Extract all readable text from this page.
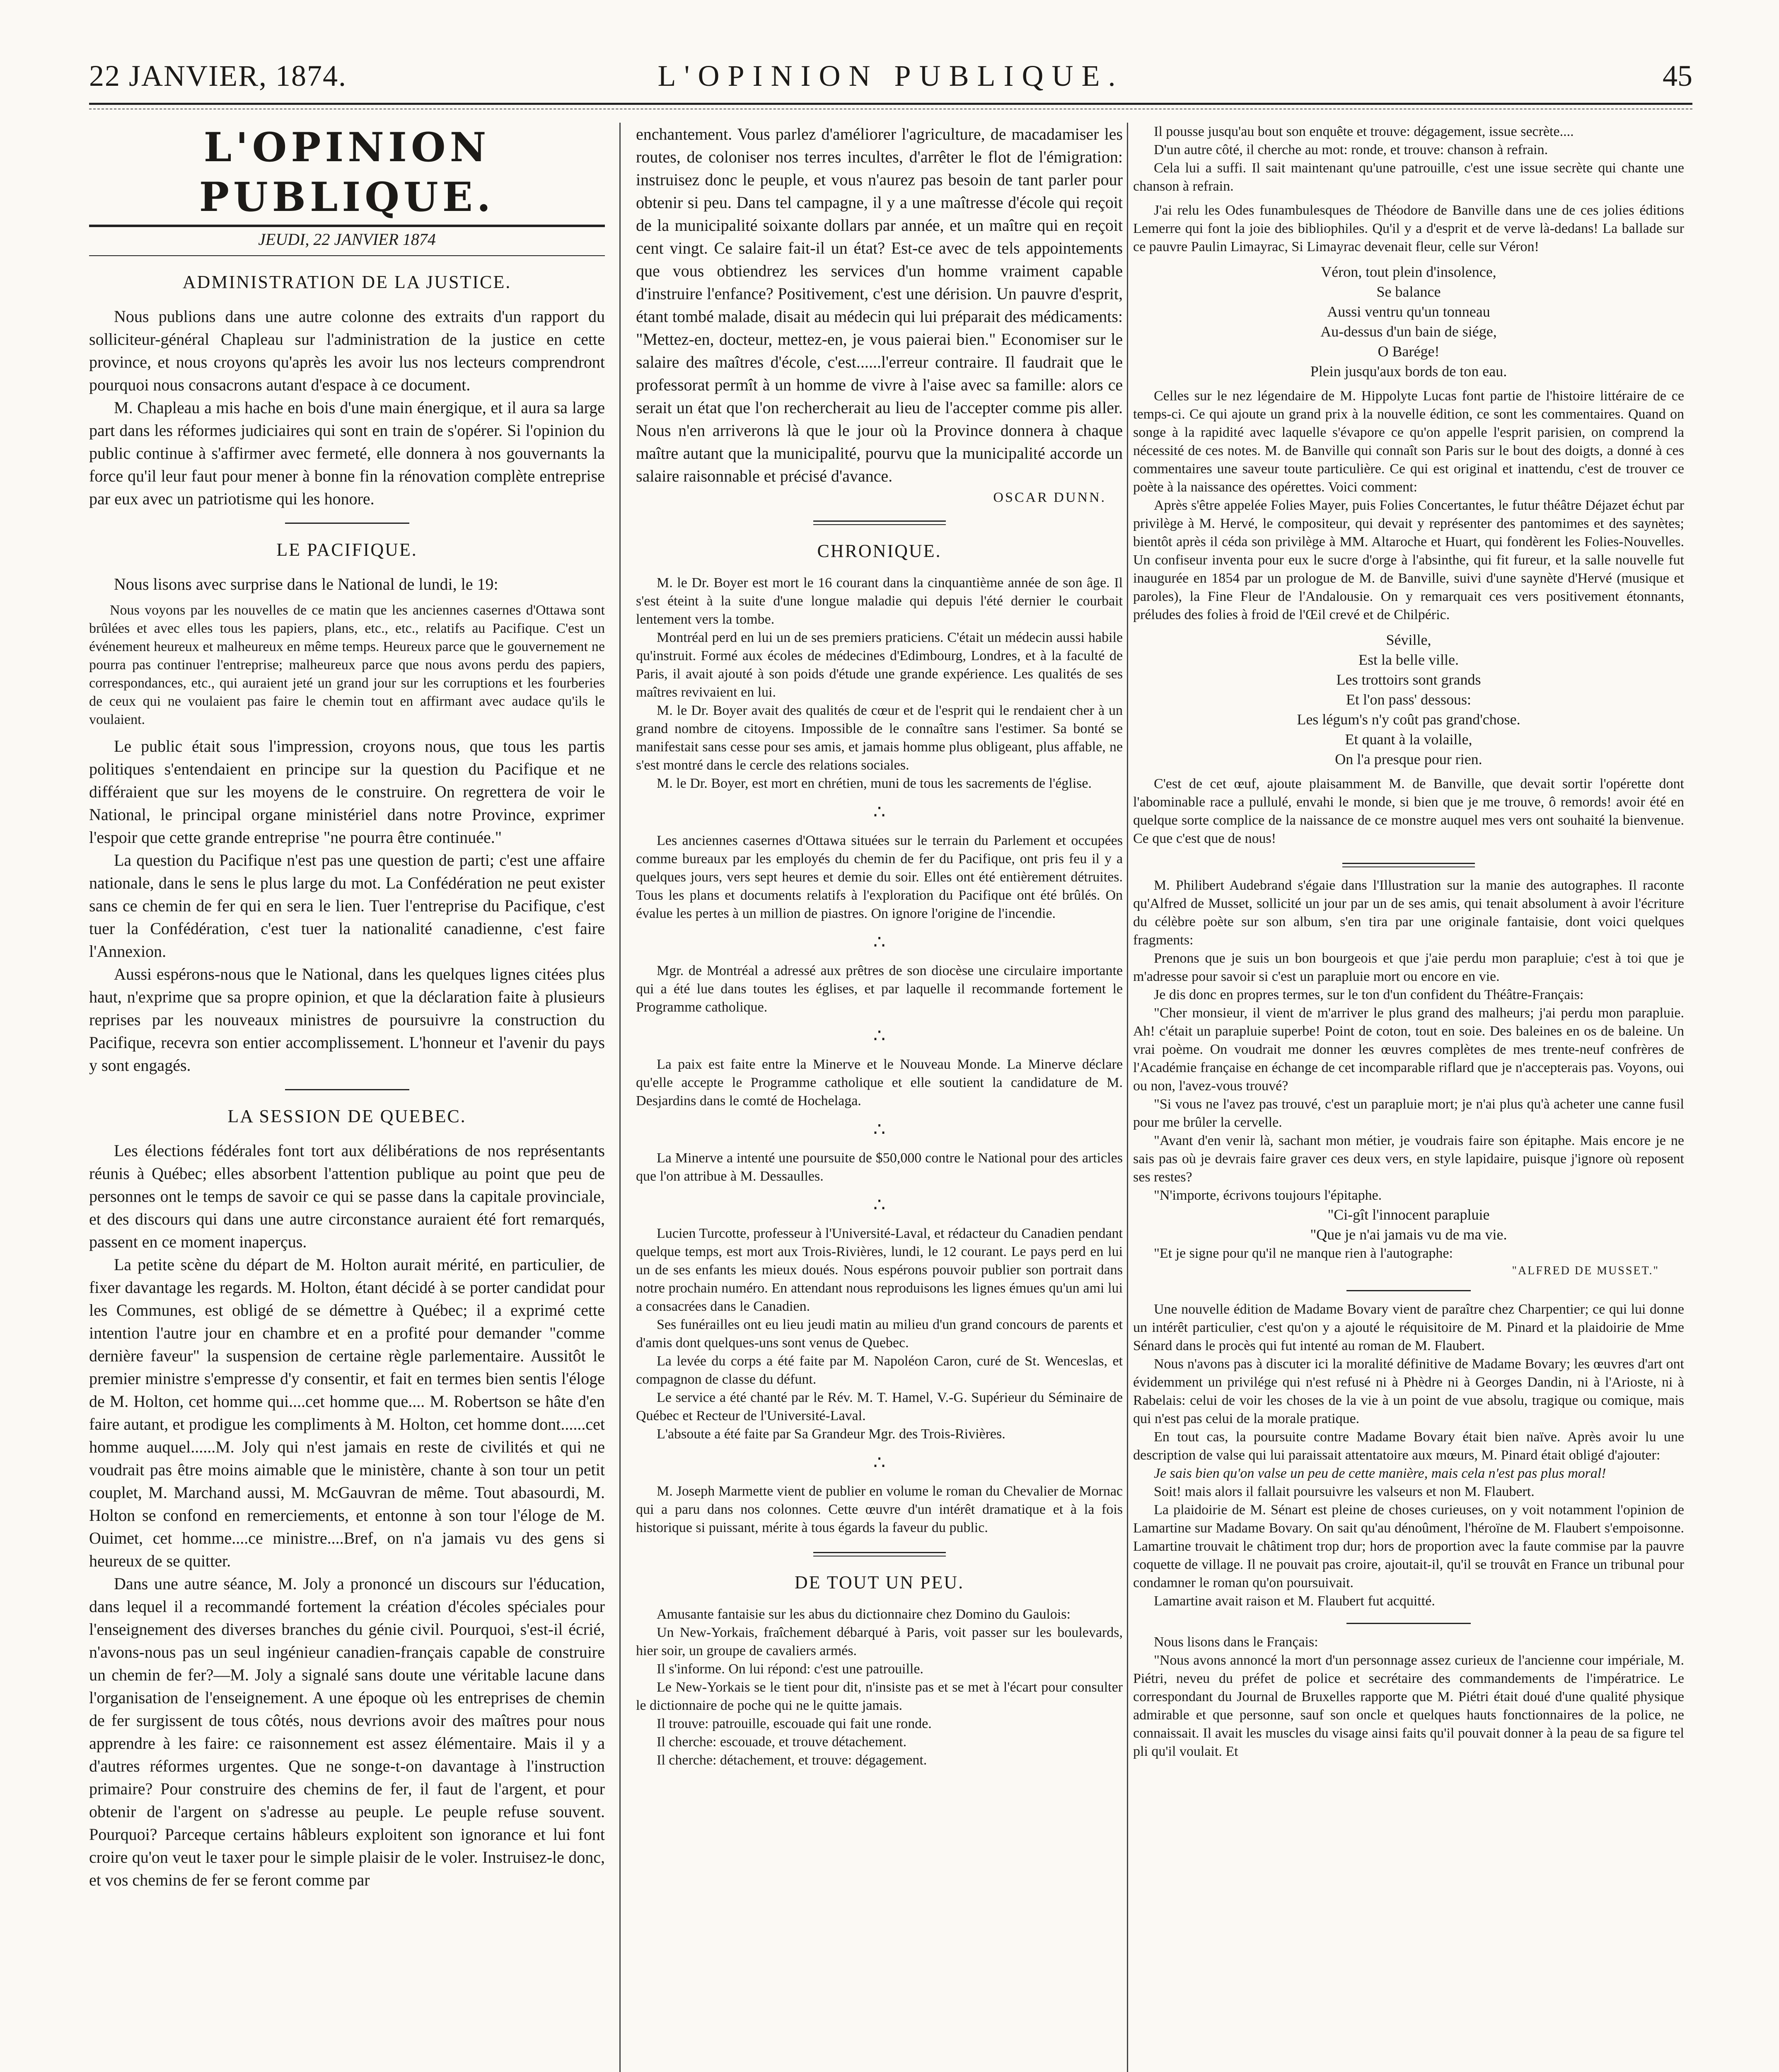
L'OPINION PUBLIQUE.
22 JANVIER, 1874.	45

L'OPINION PUBLIQUE.

JEUDI, 22 JANVIER 1874

ADMINISTRATION DE LA JUSTICE.

Nous publions dans une autre colonne des extraits d'un rapport du solliciteur-général Chapleau sur l'administration de la justice en cette province, et nous croyons qu'après les avoir lus nos lecteurs comprendront pourquoi nous consacrons autant d'espace à ce document.

M. Chapleau a mis hache en bois d'une main énergique, et il aura sa large part dans les réformes judiciaires qui sont en train de s'opérer. Si l'opinion du public continue à s'affirmer avec fermeté, elle donnera à nos gouvernants la force qu'il leur faut pour mener à bonne fin la rénovation complète entreprise par eux avec un patriotisme qui les honore.

LE PACIFIQUE.

Nous lisons avec surprise dans le National de lundi, le 19:

Nous voyons par les nouvelles de ce matin que les anciennes casernes d'Ottawa sont brûlées et avec elles tous les papiers, plans, etc., etc., relatifs au Pacifique. C'est un événement heureux et malheureux en même temps. Heureux parce que le gouvernement ne pourra pas continuer l'entreprise; malheureux parce que nous avons perdu des papiers, correspondances, etc., qui auraient jeté un grand jour sur les corruptions et les fourberies de ceux qui ne voulaient pas faire le chemin tout en affirmant avec audace qu'ils le voulaient.

Le public était sous l'impression, croyons nous, que tous les partis politiques s'entendaient en principe sur la question du Pacifique et ne différaient que sur les moyens de le construire. On regrettera de voir le National, le principal organe ministériel dans notre Province, exprimer l'espoir que cette grande entreprise "ne pourra être continuée."

La question du Pacifique n'est pas une question de parti; c'est une affaire nationale, dans le sens le plus large du mot. La Confédération ne peut exister sans ce chemin de fer qui en sera le lien. Tuer l'entreprise du Pacifique, c'est tuer la Confédération, c'est tuer la nationalité canadienne, c'est faire l'Annexion.

Aussi espérons-nous que le National, dans les quelques lignes citées plus haut, n'exprime que sa propre opinion, et que la déclaration faite à plusieurs reprises par les nouveaux ministres de poursuivre la construction du Pacifique, recevra son entier accomplissement. L'honneur et l'avenir du pays y sont engagés.

LA SESSION DE QUEBEC.

Les élections fédérales font tort aux délibérations de nos représentants réunis à Québec; elles absorbent l'attention publique au point que peu de personnes ont le temps de savoir ce qui se passe dans la capitale provinciale, et des discours qui dans une autre circonstance auraient été fort remarqués, passent en ce moment inaperçus.

La petite scène du départ de M. Holton aurait mérité, en particulier, de fixer davantage les regards. M. Holton, étant décidé à se porter candidat pour les Communes, est obligé de se démettre à Québec; il a exprimé cette intention l'autre jour en chambre et en a profité pour demander "comme dernière faveur" la suspension de certaine règle parlementaire. Aussitôt le premier ministre s'empresse d'y consentir, et fait en termes bien sentis l'éloge de M. Holton, cet homme qui....cet homme que.... M. Robertson se hâte d'en faire autant, et prodigue les compliments à M. Holton, cet homme dont......cet homme auquel......M. Joly qui n'est jamais en reste de civilités et qui ne voudrait pas être moins aimable que le ministère, chante à son tour un petit couplet, M. Marchand aussi, M. McGauvran de même. Tout abasourdi, M. Holton se confond en remerciements, et entonne à son tour l'éloge de M. Ouimet, cet homme....ce ministre....Bref, on n'a jamais vu des gens si heureux de se quitter.

Dans une autre séance, M. Joly a prononcé un discours sur l'éducation, dans lequel il a recommandé fortement la création d'écoles spéciales pour l'enseignement des diverses branches du génie civil. Pourquoi, s'est-il écrié, n'avons-nous pas un seul ingénieur canadien-français capable de construire un chemin de fer?—M. Joly a signalé sans doute une véritable lacune dans l'organisation de l'enseignement. A une époque où les entreprises de chemin de fer surgissent de tous côtés, nous devrions avoir des maîtres pour nous apprendre à les faire: ce raisonnement est assez élémentaire. Mais il y a d'autres réformes urgentes. Que ne songe-t-on davantage à l'instruction primaire? Pour construire des chemins de fer, il faut de l'argent, et pour obtenir de l'argent on s'adresse au peuple. Le peuple refuse souvent. Pourquoi? Parceque certains hâbleurs exploitent son ignorance et lui font croire qu'on veut le taxer pour le simple plaisir de le voler. Instruisez-le donc, et vos chemins de fer se feront comme par

enchantement. Vous parlez d'améliorer l'agriculture, de macadamiser les routes, de coloniser nos terres incultes, d'arrêter le flot de l'émigration: instruisez donc le peuple, et vous n'aurez pas besoin de tant parler pour obtenir si peu. Dans tel campagne, il y a une maîtresse d'école qui reçoit de la municipalité soixante dollars par année, et un maître qui en reçoit cent vingt. Ce salaire fait-il un état? Est-ce avec de tels appointements que vous obtiendrez les services d'un homme vraiment capable d'instruire l'enfance? Positivement, c'est une dérision. Un pauvre d'esprit, étant tombé malade, disait au médecin qui lui préparait des médicaments: "Mettez-en, docteur, mettez-en, je vous paierai bien." Economiser sur le salaire des maîtres d'école, c'est......l'erreur contraire. Il faudrait que le professorat permît à un homme de vivre à l'aise avec sa famille: alors ce serait un état que l'on rechercherait au lieu de l'accepter comme pis aller. Nous n'en arriverons là que le jour où la Province donnera à chaque maître autant que la municipalité, pourvu que la municipalité accorde un salaire raisonnable et précisé d'avance.

OSCAR DUNN.

CHRONIQUE.

M. le Dr. Boyer est mort le 16 courant dans la cinquantième année de son âge. Il s'est éteint à la suite d'une longue maladie qui depuis l'été dernier le courbait lentement vers la tombe.

Montréal perd en lui un de ses premiers praticiens. C'était un médecin aussi habile qu'instruit. Formé aux écoles de médecines d'Edimbourg, Londres, et à la faculté de Paris, il avait ajouté à son poids d'étude une grande expérience. Les qualités de ses maîtres revivaient en lui.

M. le Dr. Boyer avait des qualités de cœur et de l'esprit qui le rendaient cher à un grand nombre de citoyens. Impossible de le connaître sans l'estimer. Sa bonté se manifestait sans cesse pour ses amis, et jamais homme plus obligeant, plus affable, ne s'est montré dans le cercle des relations sociales.

M. le Dr. Boyer, est mort en chrétien, muni de tous les sacrements de l'église.

∴

Les anciennes casernes d'Ottawa situées sur le terrain du Parlement et occupées comme bureaux par les employés du chemin de fer du Pacifique, ont pris feu il y a quelques jours, vers sept heures et demie du soir. Elles ont été entièrement détruites. Tous les plans et documents relatifs à l'exploration du Pacifique ont été brûlés. On évalue les pertes à un million de piastres. On ignore l'origine de l'incendie.

∴

Mgr. de Montréal a adressé aux prêtres de son diocèse une circulaire importante qui a été lue dans toutes les églises, et par laquelle il recommande fortement le Programme catholique.

∴

La paix est faite entre la Minerve et le Nouveau Monde. La Minerve déclare qu'elle accepte le Programme catholique et elle soutient la candidature de M. Desjardins dans le comté de Hochelaga.

∴

La Minerve a intenté une poursuite de $50,000 contre le National pour des articles que l'on attribue à M. Dessaulles.

∴

Lucien Turcotte, professeur à l'Université-Laval, et rédacteur du Canadien pendant quelque temps, est mort aux Trois-Rivières, lundi, le 12 courant. Le pays perd en lui un de ses enfants les mieux doués. Nous espérons pouvoir publier son portrait dans notre prochain numéro. En attendant nous reproduisons les lignes émues qu'un ami lui a consacrées dans le Canadien.

Ses funérailles ont eu lieu jeudi matin au milieu d'un grand concours de parents et d'amis dont quelques-uns sont venus de Quebec.

La levée du corps a été faite par M. Napoléon Caron, curé de St. Wenceslas, et compagnon de classe du défunt.

Le service a été chanté par le Rév. M. T. Hamel, V.-G. Supérieur du Séminaire de Québec et Recteur de l'Université-Laval.

L'absoute a été faite par Sa Grandeur Mgr. des Trois-Rivières.

∴

M. Joseph Marmette vient de publier en volume le roman du Chevalier de Mornac qui a paru dans nos colonnes. Cette œuvre d'un intérêt dramatique et à la fois historique si puissant, mérite à tous égards la faveur du public.

DE TOUT UN PEU.

Amusante fantaisie sur les abus du dictionnaire chez Domino du Gaulois:

Un New-Yorkais, fraîchement débarqué à Paris, voit passer sur les boulevards, hier soir, un groupe de cavaliers armés.

Il s'informe. On lui répond: c'est une patrouille.

Le New-Yorkais se le tient pour dit, n'insiste pas et se met à l'écart pour consulter le dictionnaire de poche qui ne le quitte jamais.

Il trouve: patrouille, escouade qui fait une ronde.

Il cherche: escouade, et trouve détachement.

Il cherche: détachement, et trouve: dégagement.

Il pousse jusqu'au bout son enquête et trouve: dégagement, issue secrète....

D'un autre côté, il cherche au mot: ronde, et trouve: chanson à refrain.

Cela lui a suffi. Il sait maintenant qu'une patrouille, c'est une issue secrète qui chante une chanson à refrain.

J'ai relu les Odes funambulesques de Théodore de Banville dans une de ces jolies éditions Lemerre qui font la joie des bibliophiles. Qu'il y a d'esprit et de verve là-dedans! La ballade sur ce pauvre Paulin Limayrac, Si Limayrac devenait fleur, celle sur Véron!

Véron, tout plein d'insolence,

Se balance

Aussi ventru qu'un tonneau

Au-dessus d'un bain de siége,

O Barége!

Plein jusqu'aux bords de ton eau.

Celles sur le nez légendaire de M. Hippolyte Lucas font partie de l'histoire littéraire de ce temps-ci. Ce qui ajoute un grand prix à la nouvelle édition, ce sont les commentaires. Quand on songe à la rapidité avec laquelle s'évapore ce qu'on appelle l'esprit parisien, on comprend la nécessité de ces notes. M. de Banville qui connaît son Paris sur le bout des doigts, a donné à ces commentaires une saveur toute particulière. Ce qui est original et inattendu, c'est de trouver ce poète à la naissance des opérettes. Voici comment:

Après s'être appelée Folies Mayer, puis Folies Concertantes, le futur théâtre Déjazet échut par privilège à M. Hervé, le compositeur, qui devait y représenter des pantomimes et des saynètes; bientôt après il céda son privilège à MM. Altaroche et Huart, qui fondèrent les Folies-Nouvelles. Un confiseur inventa pour eux le sucre d'orge à l'absinthe, qui fit fureur, et la salle nouvelle fut inaugurée en 1854 par un prologue de M. de Banville, suivi d'une saynète d'Hervé (musique et paroles), la Fine Fleur de l'Andalousie. On y remarquait ces vers positivement étonnants, préludes des folies à froid de l'Œil crevé et de Chilpéric.

Séville,

Est la belle ville.

Les trottoirs sont grands

Et l'on pass' dessous:

Les légum's n'y coût pas grand'chose.

Et quant à la volaille,

On l'a presque pour rien.

C'est de cet œuf, ajoute plaisamment M. de Banville, que devait sortir l'opérette dont l'abominable race a pullulé, envahi le monde, si bien que je me trouve, ô remords! avoir été en quelque sorte complice de la naissance de ce monstre auquel mes vers ont souhaité la bienvenue. Ce que c'est que de nous!

M. Philibert Audebrand s'égaie dans l'Illustration sur la manie des autographes. Il raconte qu'Alfred de Musset, sollicité un jour par un de ses amis, qui tenait absolument à avoir l'écriture du célèbre poète sur son album, s'en tira par une originale fantaisie, dont voici quelques fragments:

Prenons que je suis un bon bourgeois et que j'aie perdu mon parapluie; c'est à toi que je m'adresse pour savoir si c'est un parapluie mort ou encore en vie.

Je dis donc en propres termes, sur le ton d'un confident du Théâtre-Français:

"Cher monsieur, il vient de m'arriver le plus grand des malheurs; j'ai perdu mon parapluie. Ah! c'était un parapluie superbe! Point de coton, tout en soie. Des baleines en os de baleine. Un vrai poème. On voudrait me donner les œuvres complètes de mes trente-neuf confrères de l'Académie française en échange de cet incomparable riflard que je n'accepterais pas. Voyons, oui ou non, l'avez-vous trouvé?

"Si vous ne l'avez pas trouvé, c'est un parapluie mort; je n'ai plus qu'à acheter une canne fusil pour me brûler la cervelle.

"Avant d'en venir là, sachant mon métier, je voudrais faire son épitaphe. Mais encore je ne sais pas où je devrais faire graver ces deux vers, en style lapidaire, puisque j'ignore où reposent ses restes?

"N'importe, écrivons toujours l'épitaphe.

"Ci-gît l'innocent parapluie

"Que je n'ai jamais vu de ma vie.

"Et je signe pour qu'il ne manque rien à l'autographe:

"ALFRED DE MUSSET."

Une nouvelle édition de Madame Bovary vient de paraître chez Charpentier; ce qui lui donne un intérêt particulier, c'est qu'on y a ajouté le réquisitoire de M. Pinard et la plaidoirie de Mme Sénard dans le procès qui fut intenté au roman de M. Flaubert.

Nous n'avons pas à discuter ici la moralité définitive de Madame Bovary; les œuvres d'art ont évidemment un privilége qui n'est refusé ni à Phèdre ni à Georges Dandin, ni à l'Arioste, ni à Rabelais: celui de voir les choses de la vie à un point de vue absolu, tragique ou comique, mais qui n'est pas celui de la morale pratique.

En tout cas, la poursuite contre Madame Bovary était bien naïve. Après avoir lu une description de valse qui lui paraissait attentatoire aux mœurs, M. Pinard était obligé d'ajouter:

Je sais bien qu'on valse un peu de cette manière, mais cela n'est pas plus moral!

Soit! mais alors il fallait poursuivre les valseurs et non M. Flaubert.

La plaidoirie de M. Sénart est pleine de choses curieuses, on y voit notamment l'opinion de Lamartine sur Madame Bovary. On sait qu'au dénoûment, l'héroïne de M. Flaubert s'empoisonne. Lamartine trouvait le châtiment trop dur; hors de proportion avec la faute commise par la pauvre coquette de village. Il ne pouvait pas croire, ajoutait-il, qu'il se trouvât en France un tribunal pour condamner le roman qu'on poursuivait.

Lamartine avait raison et M. Flaubert fut acquitté.

Nous lisons dans le Français:

"Nous avons annoncé la mort d'un personnage assez curieux de l'ancienne cour impériale, M. Piétri, neveu du préfet de police et secrétaire des commandements de l'impératrice. Le correspondant du Journal de Bruxelles rapporte que M. Piétri était doué d'une qualité physique admirable et que personne, sauf son oncle et quelques hauts fonctionnaires de la police, ne connaissait. Il avait les muscles du visage ainsi faits qu'il pouvait donner à la peau de sa figure tel pli qu'il voulait. Et
